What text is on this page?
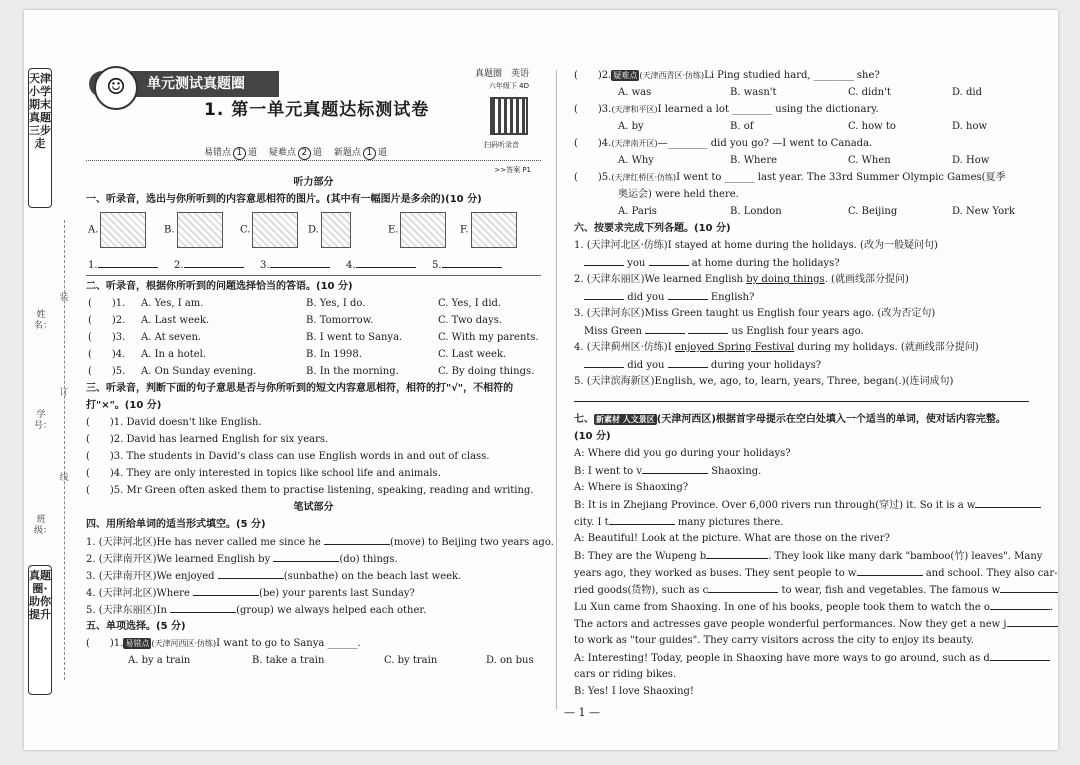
天津小学期末真题三步走
姓名：
学号：
班级：
装
订
线
真题圈·助你提升
单元测试真题圈
☺
真题圈　英语
六年级下 4D
1. 第一单元真题达标测试卷
扫码听录音
易错点 1 道　 疑难点 2 道　 新题点 1 道
>>答案 P1
听力部分
一、听录音，选出与你所听到的内容意思相符的图片。(其中有一幅图片是多余的)(10 分)
A.	B.	C.	D.	E.	F.
1.	2.	3.	4.	5.
二、听录音，根据你所听到的问题选择恰当的答语。(10 分)
(　　)1. A. Yes, I am.	B. Yes, I do.	C. Yes, I did.
(　　)2. A. Last week.	B. Tomorrow.	C. Two days.
(　　)3. A. At seven.	B. I went to Sanya.	C. With my parents.
(　　)4. A. In a hotel.	B. In 1998.	C. Last week.
(　　)5. A. On Sunday evening.	B. In the morning.	C. By doing things.
三、听录音，判断下面的句子意思是否与你所听到的短文内容意思相符，相符的打"√"，不相符的打"×"。(10 分)
(　　)1. David doesn't like English.
(　　)2. David has learned English for six years.
(　　)3. The students in David's class can use English words in and out of class.
(　　)4. They are only interested in topics like school life and animals.
(　　)5. Mr Green often asked them to practise listening, speaking, reading and writing.
笔试部分
四、用所给单词的适当形式填空。(5 分)
1. (天津河北区)He has never called me since he	(move) to Beijing two years ago.
2. (天津南开区)We learned English by	(do) things.
3. (天津南开区)We enjoyed	(sunbathe) on the beach last week.
4. (天津河北区)Where	(be) your parents last Sunday?
5. (天津东丽区)In	(group) we always helped each other.
五、单项选择。(5 分)
(　　)1. 易错点 (天津河西区·仿练)I want to go to Sanya ______.
A. by a train	B. take a train	C. by train	D. on bus
(　　)2. 疑难点 (天津西青区·仿练)Li Ping studied hard, ________ she?
A. was	B. wasn't	C. didn't	D. did
(　　)3.(天津和平区)I learned a lot ________ using the dictionary.
A. by	B. of	C. how to	D. how
(　　)4.(天津南开区)—________ did you go? —I went to Canada.
A. Why	B. Where	C. When	D. How
(　　)5.(天津红桥区·仿练)I went to ______ last year. The 33rd Summer Olympic Games(夏季
奥运会) were held there.
A. Paris	B. London	C. Beijing	D. New York
六、按要求完成下列各题。(10 分)
1. (天津河北区·仿练)I stayed at home during the holidays. (改为一般疑问句)
you	at home during the holidays?
2. (天津东丽区)We learned English by doing things. (就画线部分提问)
did you	English?
3. (天津河东区)Miss Green taught us English four years ago. (改为否定句)
Miss Green	us English four years ago.
4. (天津蓟州区·仿练)I enjoyed Spring Festival during my holidays. (就画线部分提问)
did you	during your holidays?
5. (天津滨海新区)English, we, ago, to, learn, years, Three, began(.)(连词成句)
七、 新素材 人文景区 (天津河西区)根据首字母提示在空白处填入一个适当的单词，使对话内容完整。
(10 分)
A: Where did you go during your holidays?
B: I went to v	Shaoxing.
A: Where is Shaoxing?
B: It is in Zhejiang Province. Over 6,000 rivers run through(穿过) it. So it is a w
city. I t	many pictures there.
A: Beautiful! Look at the picture. What are those on the river?
B: They are the Wupeng b	. They look like many dark "bamboo(竹) leaves". Many
years ago, they worked as buses. They sent people to w	and school. They also car-
ried goods(货物), such as c	to wear, fish and vegetables. The famous w
Lu Xun came from Shaoxing. In one of his books, people took them to watch the o	.
The actors and actresses gave people wonderful performances. Now they get a new j
to work as "tour guides". They carry visitors across the city to enjoy its beauty.
A: Interesting! Today, people in Shaoxing have more ways to go around, such as d
cars or riding bikes.
B: Yes! I love Shaoxing!
— 1 —
